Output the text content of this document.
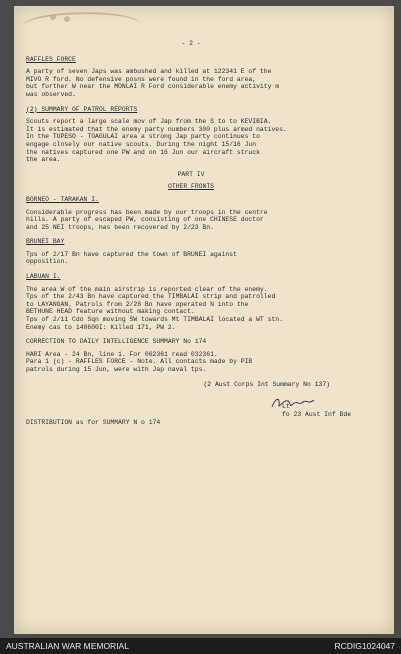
- 2 -
RAFFLES FORCE

A party of seven Japs was ambushed and killed at 122341 E of the
MIVO R ford. No defensive posns were found in the ford area,
but further W near the MONLAI R Ford considerable enemy activity m
was observed.

(2) SUMMARY OF PATROL REPORTS

Scouts report a large scale mov of Jap from the S to to KEVIBIA.
It is estimated that the enemy party numbers 300 plus armed natives.
In the TUPESO - TOAGULAI area a strong Jap party continues to
engage closely our native scouts. During the night 15/16 Jun
the natives captured one PW and on 16 Jun our aircraft struck
the area.

PART IV
OTHER FRONTS
BORNEO - TARAKAN I.

Considerable progress has been made by our troops in the centre
hills. A party of escaped PW, consisting of one CHINESE doctor
and 25 NEI troops, has been recovered by 2/23 Bn.

BRUNEI BAY

Tps of 2/17 Bn have captured the town of BRUNEI against
opposition.

LABUAN I.

The area W of the main airstrip is reported clear of the enemy.
Tps of the 2/43 Bn have captured the TIMBALAI strip and patrolled
to LAYANGAN. Patrols from 2/28 Bn have operated N into the
BETHUNE HEAD feature without making contact.
Tps of 2/11 Cdo Sqn moving SW towards Mt TIMBALAI located a WT stn.
Enemy cas to 140600I: Killed 171, PW 2.

CORRECTION TO DAILY INTELLIGENCE SUMMARY No 174

HARI Area - 24 Bn, line 1. For 062361 read 032361.
Para 1 (c) - RAFFLES FORCE - Note. All contacts made by PIB
patrols during 15 Jun, were with Jap naval tps.

(2 Aust Corps Int Summary No 137)

Lt
fo 23 Aust Inf Bde

DISTRIBUTION as for SUMMARY N o 174
AUSTRALIAN WAR MEMORIAL	RCDIG1024047
